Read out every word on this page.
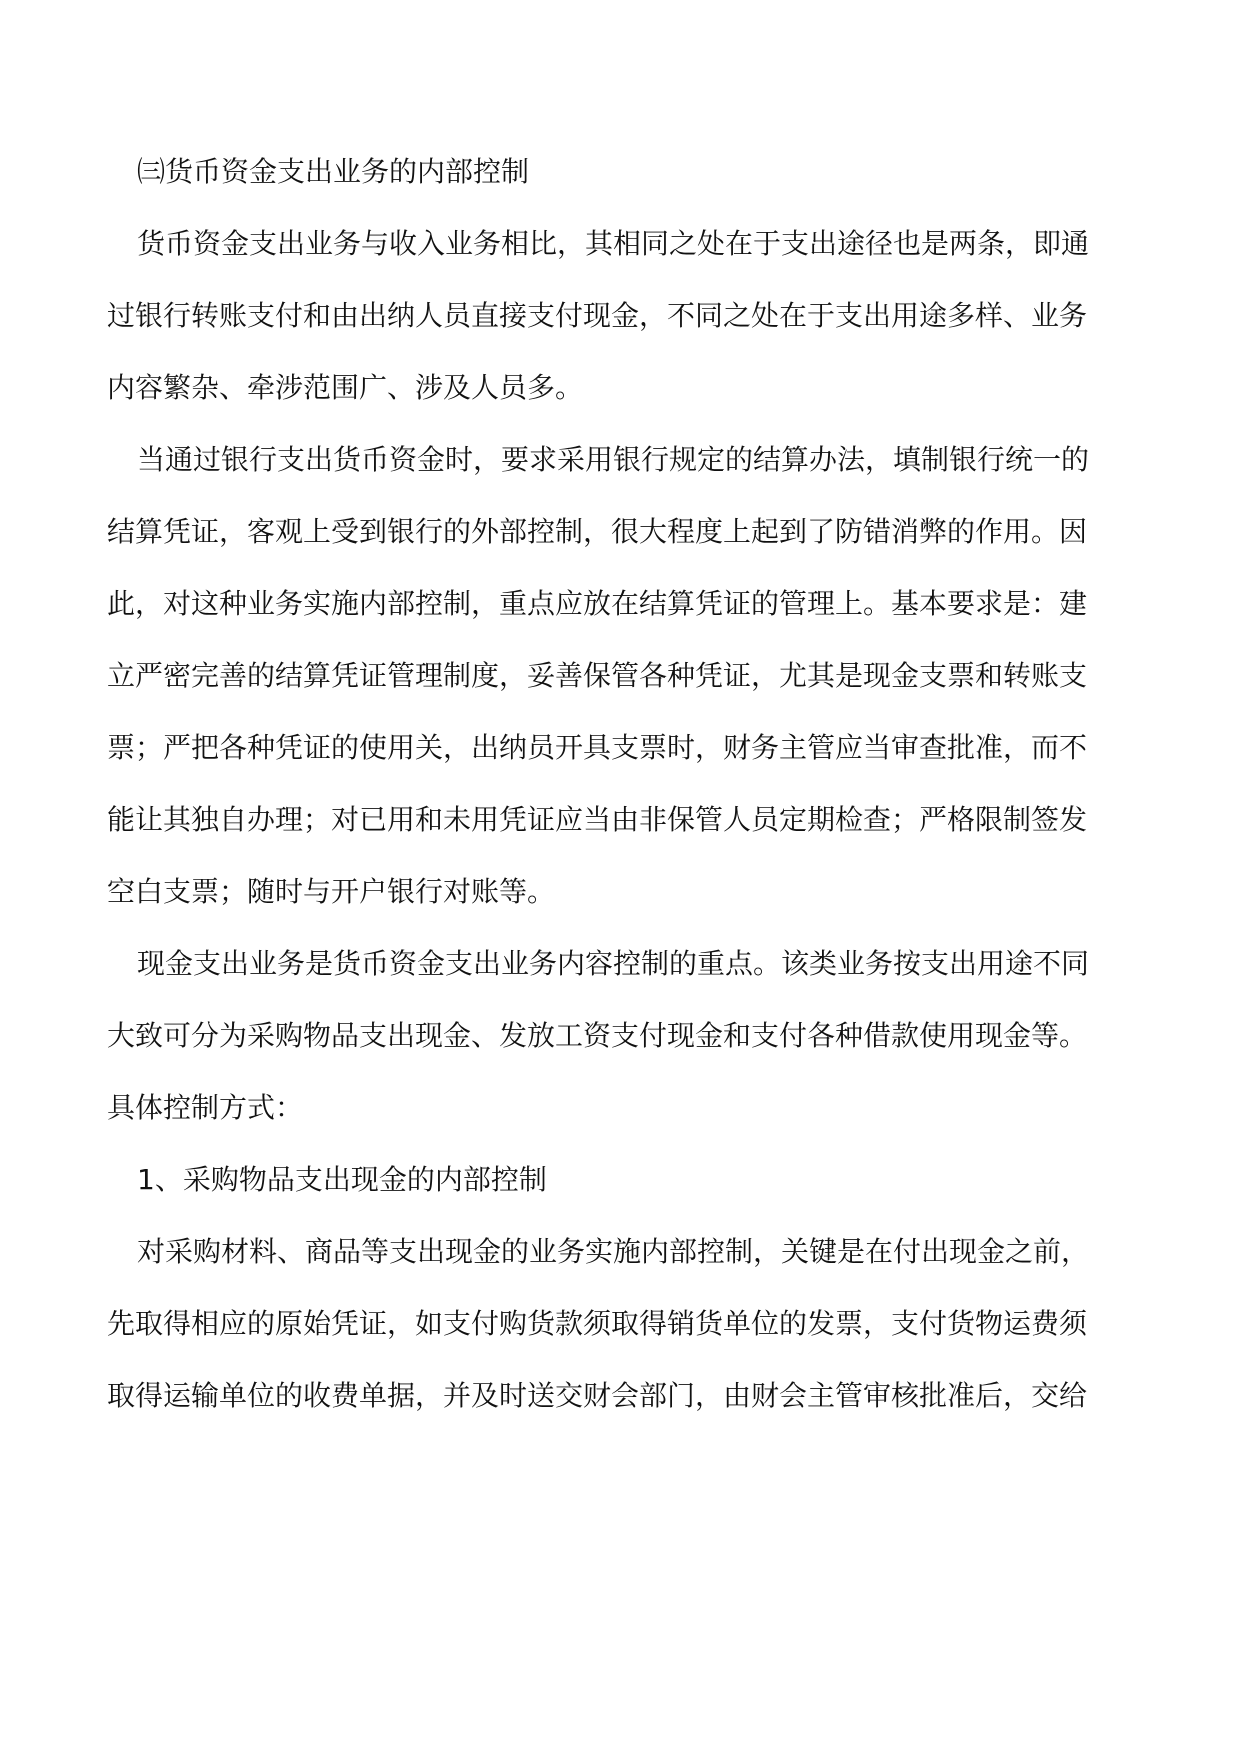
㈢货币资金支出业务的内部控制
货币资金支出业务与收入业务相比，其相同之处在于支出途径也是两条，即通
过银行转账支付和由出纳人员直接支付现金，不同之处在于支出用途多样、业务
内容繁杂、牵涉范围广、涉及人员多。
当通过银行支出货币资金时，要求采用银行规定的结算办法，填制银行统一的
结算凭证，客观上受到银行的外部控制，很大程度上起到了防错消弊的作用。因
此，对这种业务实施内部控制，重点应放在结算凭证的管理上。基本要求是：建
立严密完善的结算凭证管理制度，妥善保管各种凭证，尤其是现金支票和转账支
票；严把各种凭证的使用关，出纳员开具支票时，财务主管应当审查批准，而不
能让其独自办理；对已用和未用凭证应当由非保管人员定期检查；严格限制签发
空白支票；随时与开户银行对账等。
现金支出业务是货币资金支出业务内容控制的重点。该类业务按支出用途不同
大致可分为采购物品支出现金、发放工资支付现金和支付各种借款使用现金等。
具体控制方式：
1、采购物品支出现金的内部控制
对采购材料、商品等支出现金的业务实施内部控制，关键是在付出现金之前，
先取得相应的原始凭证，如支付购货款须取得销货单位的发票，支付货物运费须
取得运输单位的收费单据，并及时送交财会部门，由财会主管审核批准后，交给
